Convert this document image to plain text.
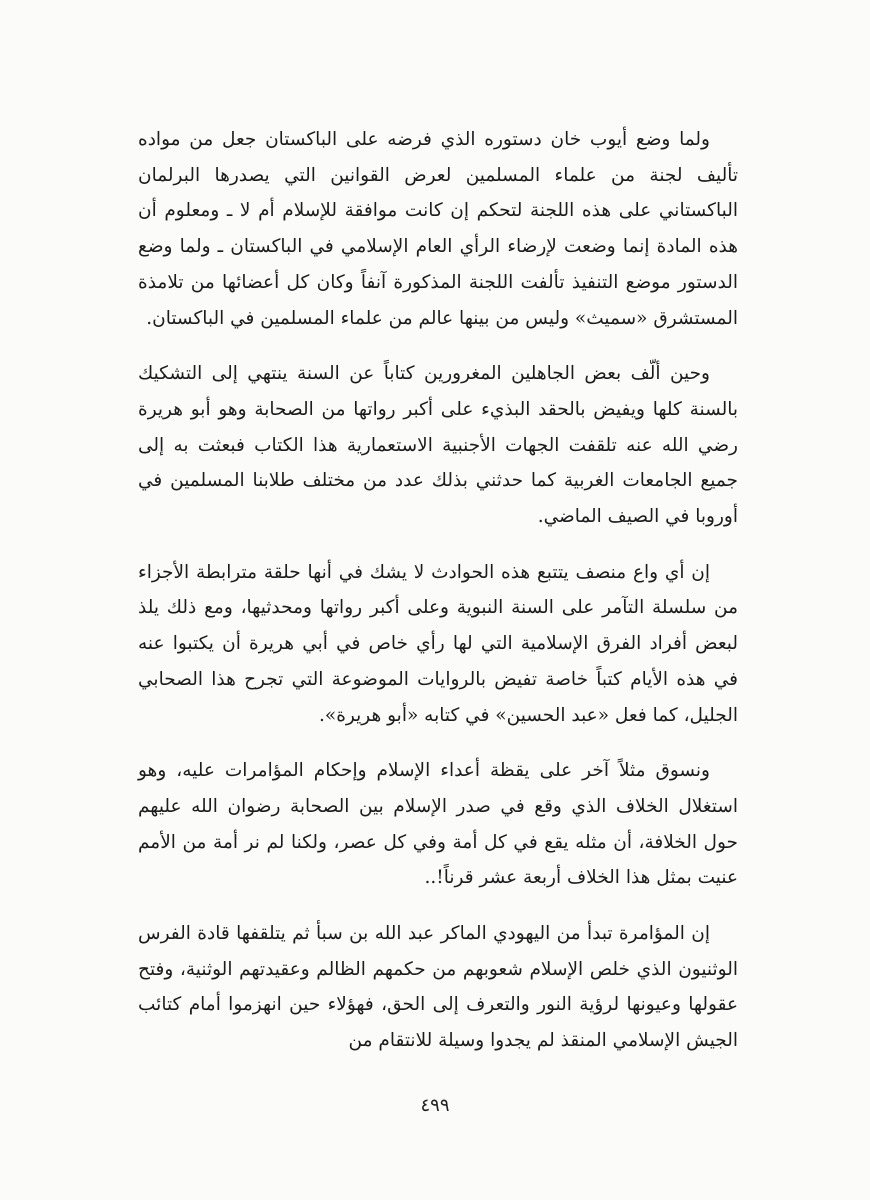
ولما وضع أيوب خان دستوره الذي فرضه على الباكستان جعل من مواده تأليف لجنة من علماء المسلمين لعرض القوانين التي يصدرها البرلمان الباكستاني على هذه اللجنة لتحكم إن كانت موافقة للإسلام أم لا ـ ومعلوم أن هذه المادة إنما وضعت لإرضاء الرأي العام الإسلامي في الباكستان ـ ولما وضع الدستور موضع التنفيذ تألفت اللجنة المذكورة آنفاً وكان كل أعضائها من تلامذة المستشرق «سميث» وليس من بينها عالم من علماء المسلمين في الباكستان.

وحين ألّف بعض الجاهلين المغرورين كتاباً عن السنة ينتهي إلى التشكيك بالسنة كلها ويفيض بالحقد البذيء على أكبر رواتها من الصحابة وهو أبو هريرة رضي الله عنه تلقفت الجهات الأجنبية الاستعمارية هذا الكتاب فبعثت به إلى جميع الجامعات الغربية كما حدثني بذلك عدد من مختلف طلابنا المسلمين في أوروبا في الصيف الماضي.

إن أي واع منصف يتتبع هذه الحوادث لا يشك في أنها حلقة مترابطة الأجزاء من سلسلة التآمر على السنة النبوية وعلى أكبر رواتها ومحدثيها، ومع ذلك يلذ لبعض أفراد الفرق الإسلامية التي لها رأي خاص في أبي هريرة أن يكتبوا عنه في هذه الأيام كتباً خاصة تفيض بالروايات الموضوعة التي تجرح هذا الصحابي الجليل، كما فعل «عبد الحسين» في كتابه «أبو هريرة».

ونسوق مثلاً آخر على يقظة أعداء الإسلام وإحكام المؤامرات عليه، وهو استغلال الخلاف الذي وقع في صدر الإسلام بين الصحابة رضوان الله عليهم حول الخلافة، أن مثله يقع في كل أمة وفي كل عصر، ولكنا لم نر أمة من الأمم عنيت بمثل هذا الخلاف أربعة عشر قرناً!..

إن المؤامرة تبدأ من اليهودي الماكر عبد الله بن سبأ ثم يتلقفها قادة الفرس الوثنيون الذي خلص الإسلام شعوبهم من حكمهم الظالم وعقيدتهم الوثنية، وفتح عقولها وعيونها لرؤية النور والتعرف إلى الحق، فهؤلاء حين انهزموا أمام كتائب الجيش الإسلامي المنقذ لم يجدوا وسيلة للانتقام من

٤٩٩
